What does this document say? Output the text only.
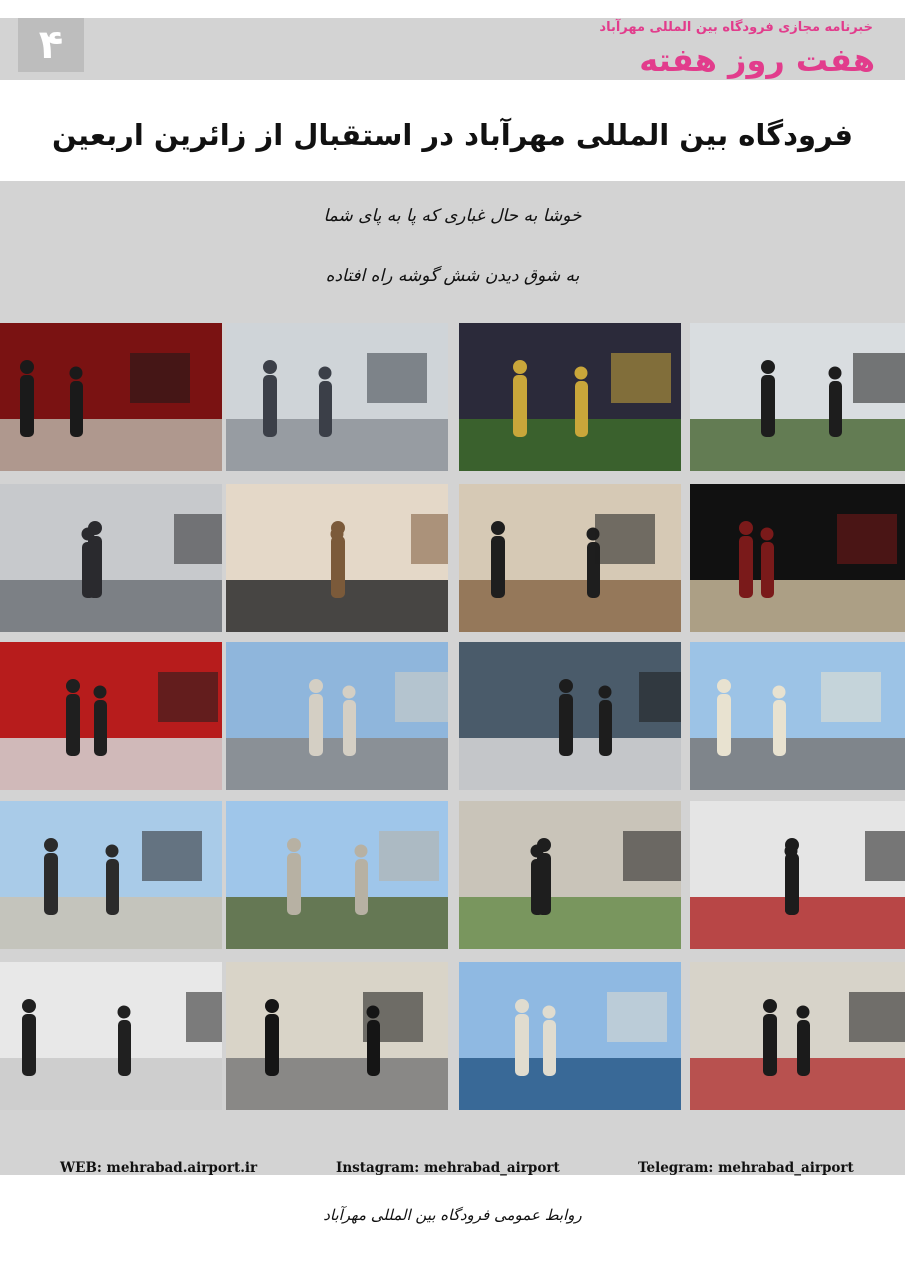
۴	خبرنامه مجازی فرودگاه بین المللی مهرآباد
هفت روز هفته
فرودگاه بین المللی مهرآباد در استقبال از زائرین اربعین
خوشا به حال غباری که پا به پای شما
به شوق دیدن شش گوشه راه افتاده
WEB: mehrabad.airport.ir	Instagram: mehrabad_airport	Telegram: mehrabad_airport
روابط عمومی فرودگاه بین المللی مهرآباد
